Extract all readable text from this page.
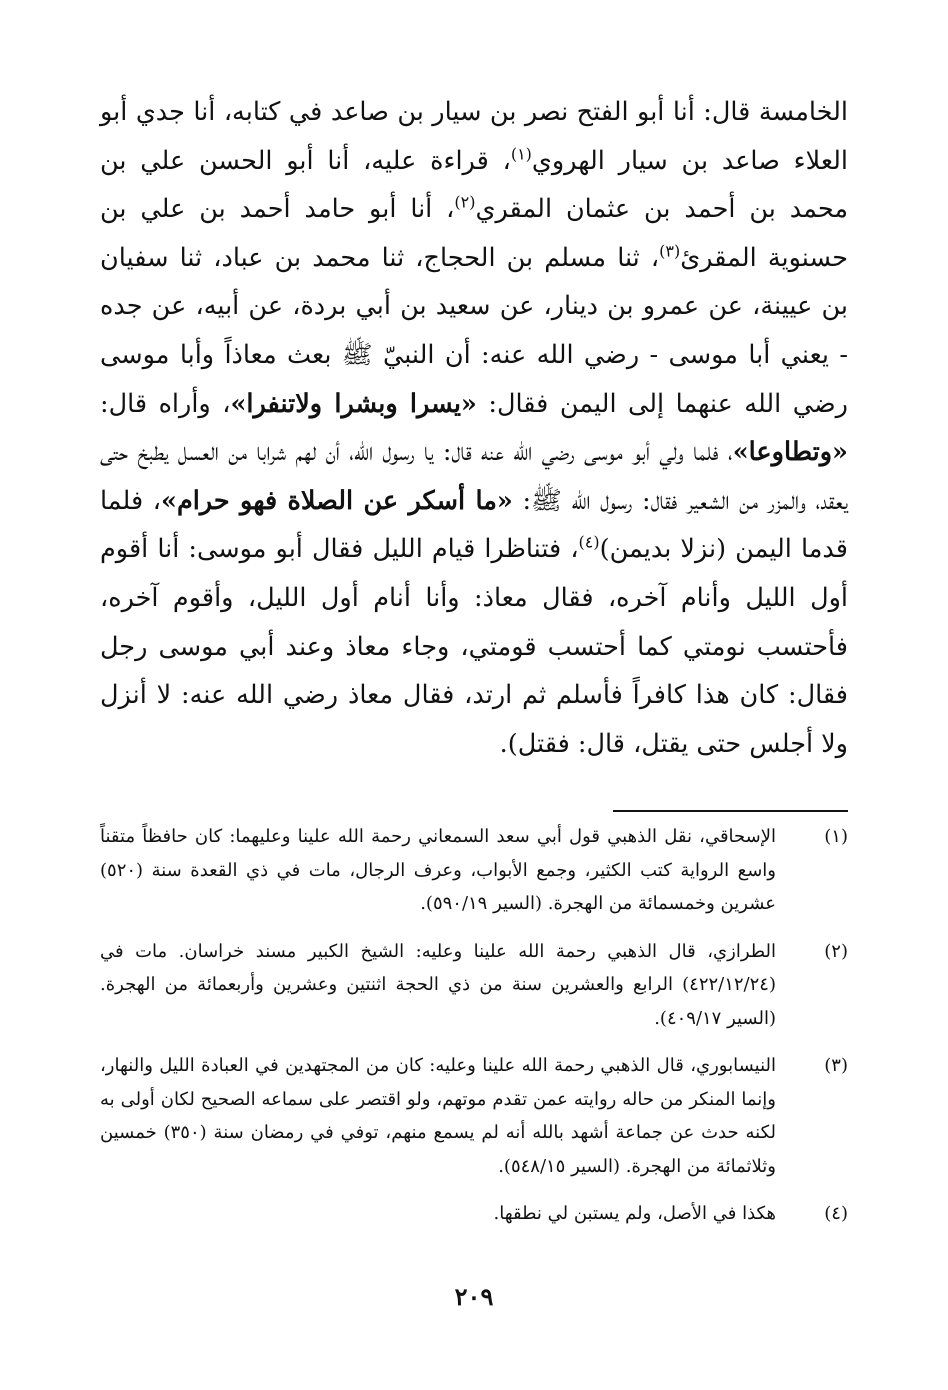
الخامسة قال: أنا أبو الفتح نصر بن سيار بن صاعد في كتابه، أنا جدي أبو العلاء صاعد بن سيار الهروي$^{(١)}$، قراءة عليه، أنا أبو الحسن علي بن محمد بن أحمد بن عثمان المقري$^{(٢)}$، أنا أبو حامد أحمد بن علي بن حسنوية المقرئ$^{(٣)}$، ثنا مسلم بن الحجاج، ثنا محمد بن عباد، ثنا سفيان بن عيينة، عن عمرو بن دينار، عن سعيد بن أبي بردة، عن أبيه، عن جده - يعني أبا موسى - رضي الله عنه: أن النبيّ ﷺ بعث معاذاً وأبا موسى رضي الله عنهما إلى اليمن فقال: «يسرا وبشرا ولاتنفرا»، وأراه قال: «وتطاوعا»، فلما ولي أبو موسى رضي الله عنه قال: يا رسول الله، أن لهم شرابا من العسل يطبخ حتى يعقد، والمزر من الشعير فقال: رسول الله ﷺ: «ما أسكر عن الصلاة فهو حرام»، فلما قدما اليمن (نزلا بديمن)$^{(٤)}$، فتناظرا قيام الليل فقال أبو موسى: أنا أقوم أول الليل وأنام آخره، فقال معاذ: وأنا أنام أول الليل، وأقوم آخره، فأحتسب نومتي كما أحتسب قومتي، وجاء معاذ وعند أبي موسى رجل فقال: كان هذا كافراً فأسلم ثم ارتد، فقال معاذ رضي الله عنه: لا أنزل ولا أجلس حتى يقتل، قال: فقتل).

(١)
الإسحاقي، نقل الذهبي قول أبي سعد السمعاني رحمة الله علينا وعليهما: كان حافظاً متقناً واسع الرواية كتب الكثير، وجمع الأبواب، وعرف الرجال، مات في ذي القعدة سنة (٥٢٠) عشرين وخمسمائة من الهجرة. (السير ٥٩٠/١٩).
(٢)
الطرازي، قال الذهبي رحمة الله علينا وعليه: الشيخ الكبير مسند خراسان. مات في (٤٢٢/١٢/٢٤) الرابع والعشرين سنة من ذي الحجة اثنتين وعشرين وأربعمائة من الهجرة. (السير ٤٠٩/١٧).
(٣)
النيسابوري، قال الذهبي رحمة الله علينا وعليه: كان من المجتهدين في العبادة الليل والنهار، وإنما المنكر من حاله روايته عمن تقدم موتهم، ولو اقتصر على سماعه الصحيح لكان أولى به لكنه حدث عن جماعة أشهد بالله أنه لم يسمع منهم، توفي في رمضان سنة (٣٥٠) خمسين وثلاثمائة من الهجرة. (السير ٥٤٨/١٥).
(٤)
هكذا في الأصل، ولم يستبن لي نطقها.
٢٠٩
